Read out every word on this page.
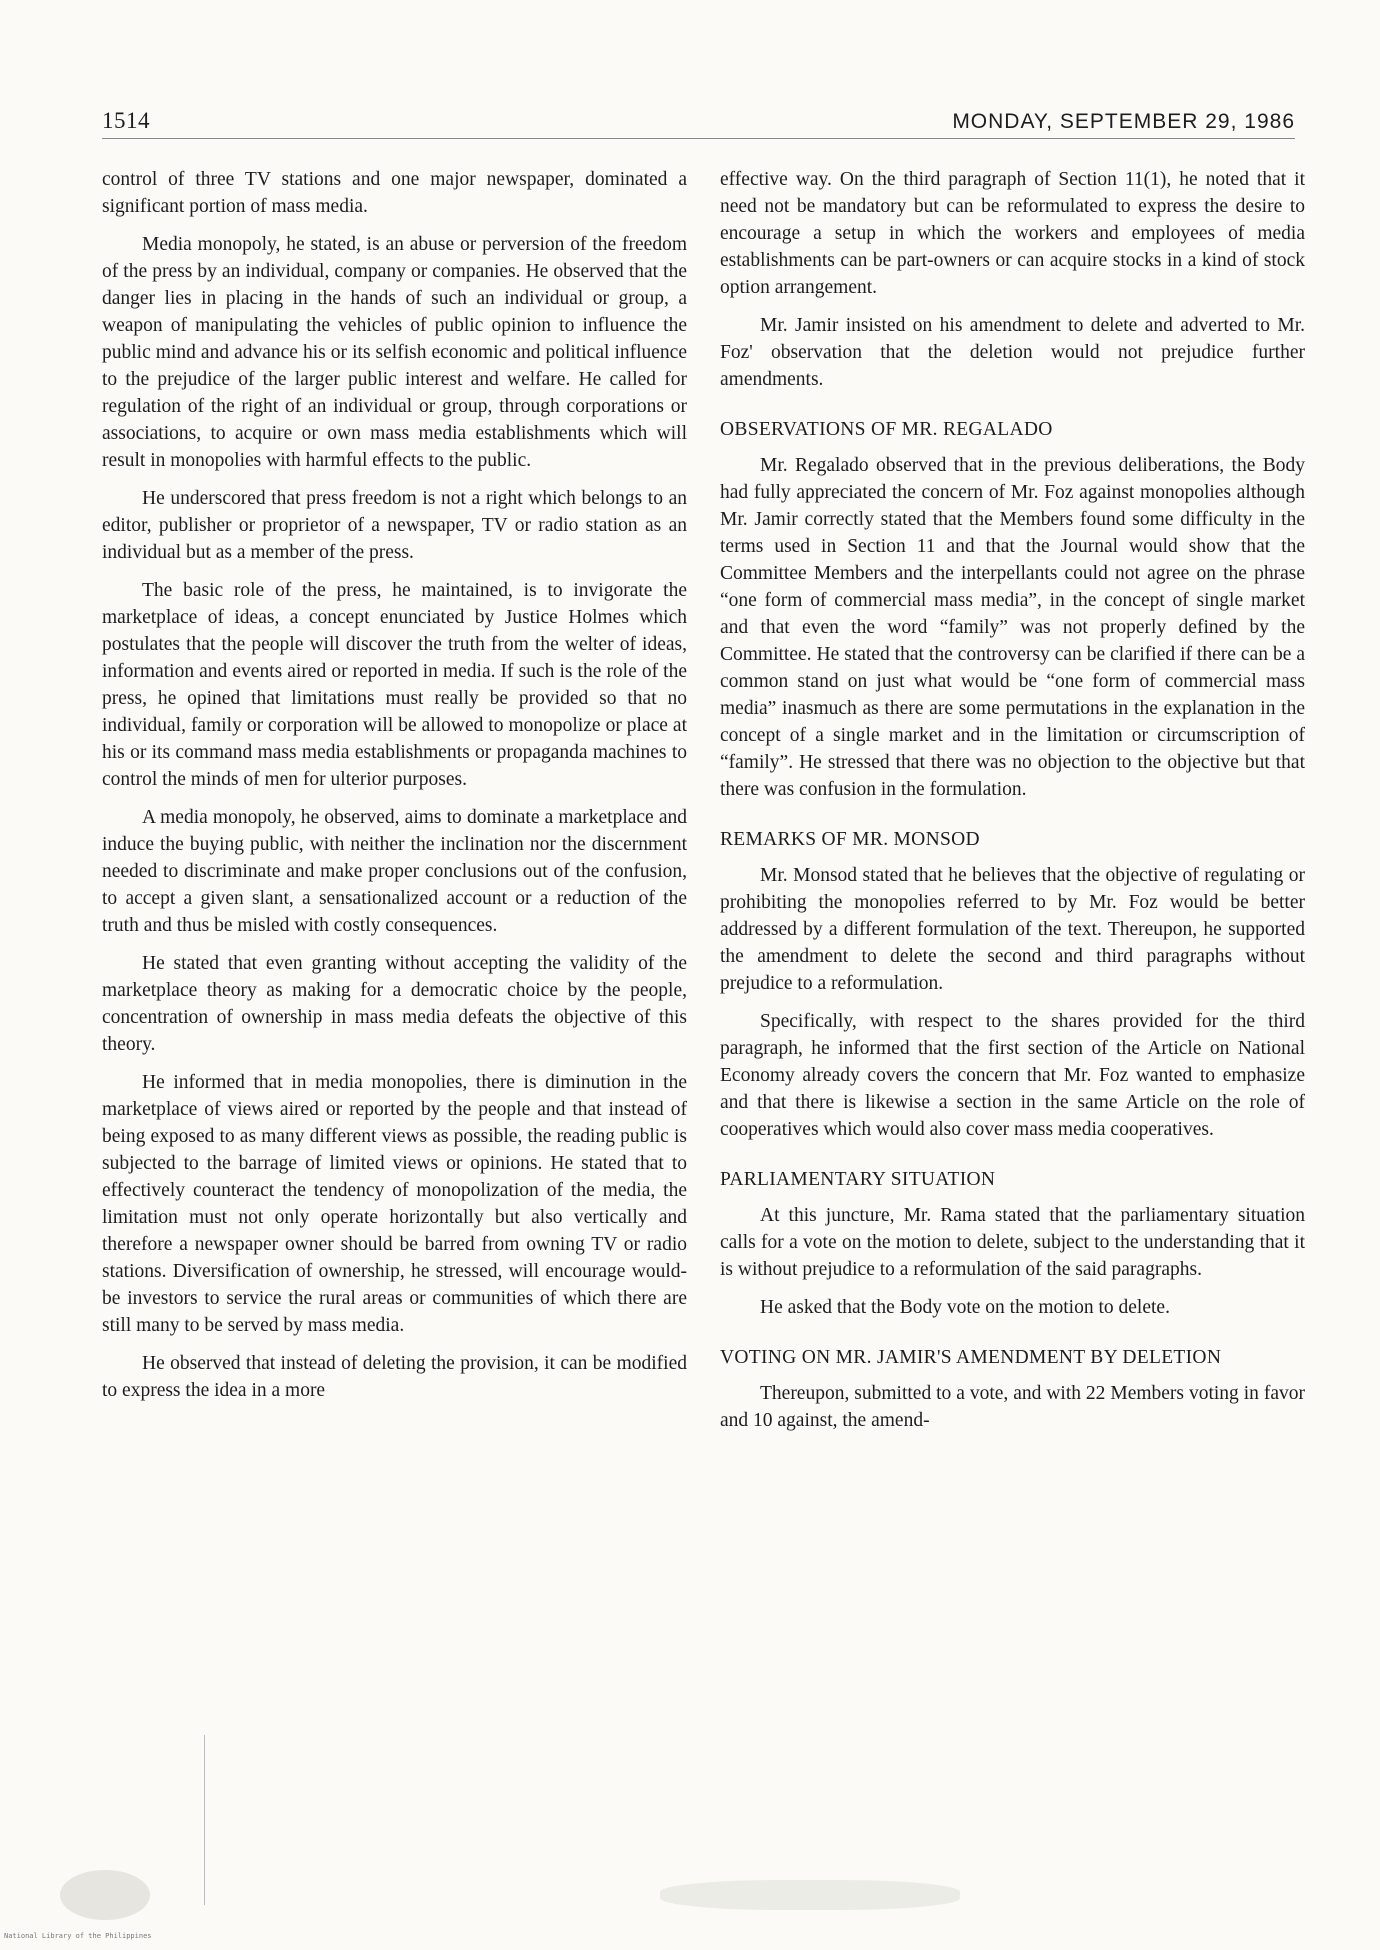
1514	MONDAY, SEPTEMBER 29, 1986

control of three TV stations and one major newspaper, dominated a significant portion of mass media.

Media monopoly, he stated, is an abuse or perversion of the freedom of the press by an individual, company or companies. He observed that the danger lies in placing in the hands of such an individual or group, a weapon of manipulating the vehicles of public opinion to influence the public mind and advance his or its selfish economic and political influence to the prejudice of the larger public interest and welfare. He called for regulation of the right of an individual or group, through corporations or associations, to acquire or own mass media establishments which will result in monopolies with harmful effects to the public.

He underscored that press freedom is not a right which belongs to an editor, publisher or proprietor of a newspaper, TV or radio station as an individual but as a member of the press.

The basic role of the press, he maintained, is to invigorate the marketplace of ideas, a concept enunciated by Justice Holmes which postulates that the people will discover the truth from the welter of ideas, information and events aired or reported in media. If such is the role of the press, he opined that limitations must really be provided so that no individual, family or corporation will be allowed to monopolize or place at his or its command mass media establishments or propaganda machines to control the minds of men for ulterior purposes.

A media monopoly, he observed, aims to dominate a marketplace and induce the buying public, with neither the inclination nor the discernment needed to discriminate and make proper conclusions out of the confusion, to accept a given slant, a sensationalized account or a reduction of the truth and thus be misled with costly consequences.

He stated that even granting without accepting the validity of the marketplace theory as making for a democratic choice by the people, concentration of ownership in mass media defeats the objective of this theory.

He informed that in media monopolies, there is diminution in the marketplace of views aired or reported by the people and that instead of being exposed to as many different views as possible, the reading public is subjected to the barrage of limited views or opinions. He stated that to effectively counteract the tendency of monopolization of the media, the limitation must not only operate horizontally but also vertically and therefore a newspaper owner should be barred from owning TV or radio stations. Diversification of ownership, he stressed, will encourage would-be investors to service the rural areas or communities of which there are still many to be served by mass media.

He observed that instead of deleting the provision, it can be modified to express the idea in a more

effective way. On the third paragraph of Section 11(1), he noted that it need not be mandatory but can be reformulated to express the desire to encourage a setup in which the workers and employees of media establishments can be part-owners or can acquire stocks in a kind of stock option arrangement.

Mr. Jamir insisted on his amendment to delete and adverted to Mr. Foz' observation that the deletion would not prejudice further amendments.

OBSERVATIONS OF MR. REGALADO

Mr. Regalado observed that in the previous deliberations, the Body had fully appreciated the concern of Mr. Foz against monopolies although Mr. Jamir correctly stated that the Members found some difficulty in the terms used in Section 11 and that the Journal would show that the Committee Members and the interpellants could not agree on the phrase “one form of commercial mass media”, in the concept of single market and that even the word “family” was not properly defined by the Committee. He stated that the controversy can be clarified if there can be a common stand on just what would be “one form of commercial mass media” inasmuch as there are some permutations in the explanation in the concept of a single market and in the limitation or circumscription of “family”. He stressed that there was no objection to the objective but that there was confusion in the formulation.

REMARKS OF MR. MONSOD

Mr. Monsod stated that he believes that the objective of regulating or prohibiting the monopolies referred to by Mr. Foz would be better addressed by a different formulation of the text. Thereupon, he supported the amendment to delete the second and third paragraphs without prejudice to a reformulation.

Specifically, with respect to the shares provided for the third paragraph, he informed that the first section of the Article on National Economy already covers the concern that Mr. Foz wanted to emphasize and that there is likewise a section in the same Article on the role of cooperatives which would also cover mass media cooperatives.

PARLIAMENTARY SITUATION

At this juncture, Mr. Rama stated that the parliamentary situation calls for a vote on the motion to delete, subject to the understanding that it is without prejudice to a reformulation of the said paragraphs.

He asked that the Body vote on the motion to delete.

VOTING ON MR. JAMIR'S AMENDMENT BY DELETION

Thereupon, submitted to a vote, and with 22 Members voting in favor and 10 against, the amend-

National Library of the Philippines
